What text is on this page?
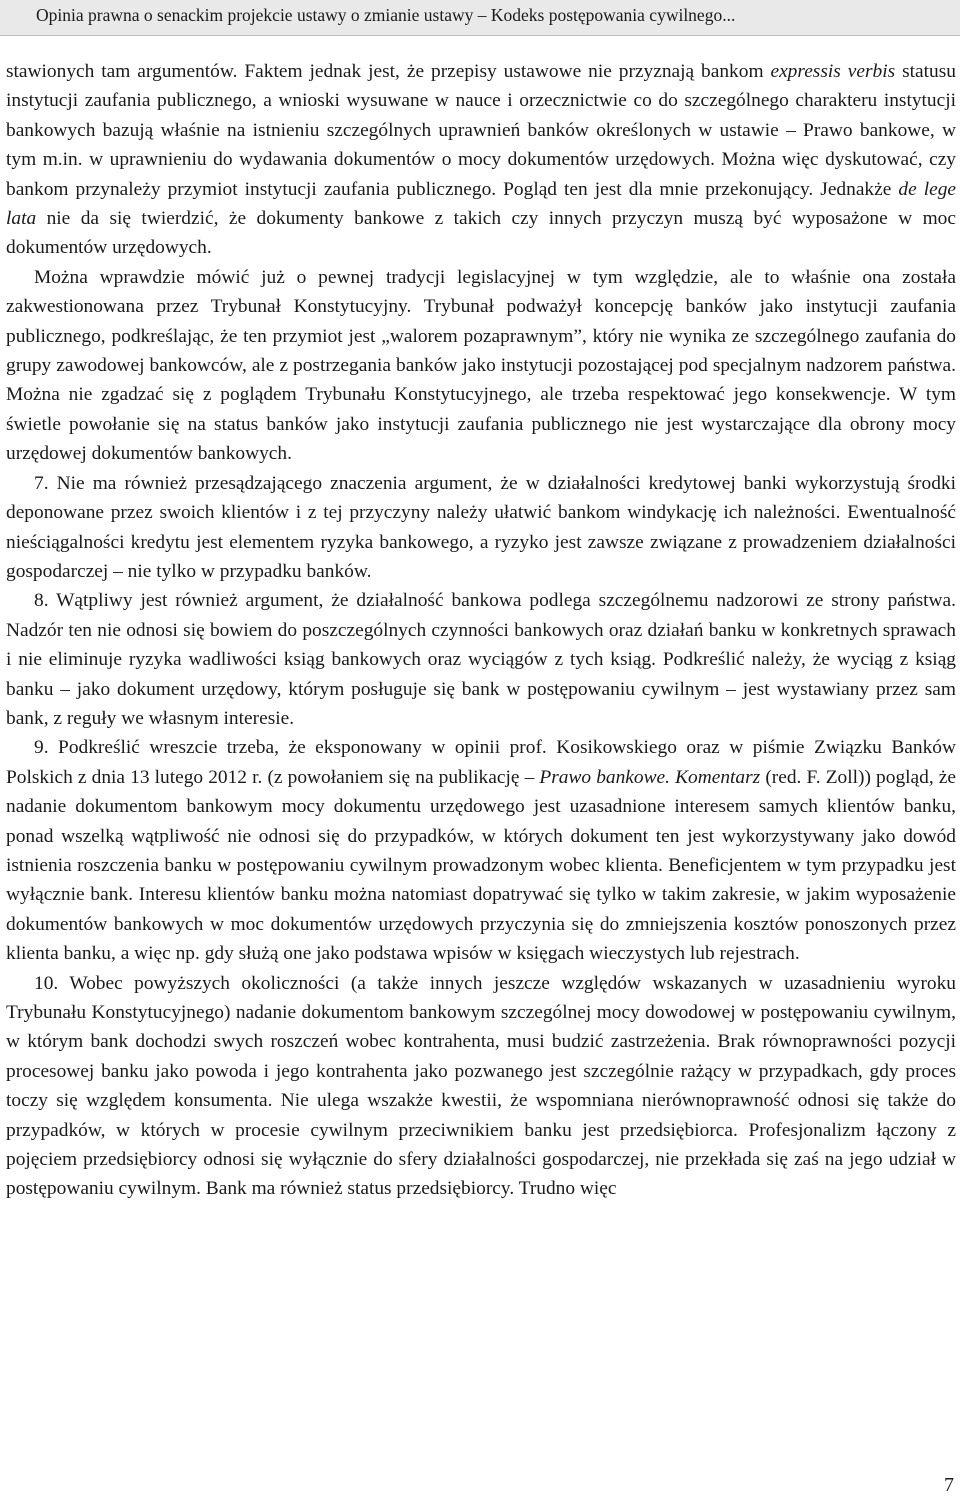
Opinia prawna o senackim projekcie ustawy o zmianie ustawy – Kodeks postępowania cywilnego...

stawionych tam argumentów. Faktem jednak jest, że przepisy ustawowe nie przyznają bankom expressis verbis statusu instytucji zaufania publicznego, a wnioski wysuwane w nauce i orzecznictwie co do szczególnego charakteru instytucji bankowych bazują właśnie na istnieniu szczególnych uprawnień banków określonych w ustawie – Prawo bankowe, w tym m.in. w uprawnieniu do wydawania dokumentów o mocy dokumentów urzędowych. Można więc dyskutować, czy bankom przynależy przymiot instytucji zaufania publicznego. Pogląd ten jest dla mnie przekonujący. Jednakże de lege lata nie da się twierdzić, że dokumenty bankowe z takich czy innych przyczyn muszą być wyposażone w moc dokumentów urzędowych.

Można wprawdzie mówić już o pewnej tradycji legislacyjnej w tym względzie, ale to właśnie ona została zakwestionowana przez Trybunał Konstytucyjny. Trybunał podważył koncepcję banków jako instytucji zaufania publicznego, podkreślając, że ten przymiot jest „walorem pozaprawnym”, który nie wynika ze szczególnego zaufania do grupy zawodowej bankowców, ale z postrzegania banków jako instytucji pozostającej pod specjalnym nadzorem państwa. Można nie zgadzać się z poglądem Trybunału Konstytucyjnego, ale trzeba respektować jego konsekwencje. W tym świetle powołanie się na status banków jako instytucji zaufania publicznego nie jest wystarczające dla obrony mocy urzędowej dokumentów bankowych.

7. Nie ma również przesądzającego znaczenia argument, że w działalności kredytowej banki wykorzystują środki deponowane przez swoich klientów i z tej przyczyny należy ułatwić bankom windykację ich należności. Ewentualność nieściągalności kredytu jest elementem ryzyka bankowego, a ryzyko jest zawsze związane z prowadzeniem działalności gospodarczej – nie tylko w przypadku banków.

8. Wątpliwy jest również argument, że działalność bankowa podlega szczególnemu nadzorowi ze strony państwa. Nadzór ten nie odnosi się bowiem do poszczególnych czynności bankowych oraz działań banku w konkretnych sprawach i nie eliminuje ryzyka wadliwości ksiąg bankowych oraz wyciągów z tych ksiąg. Podkreślić należy, że wyciąg z ksiąg banku – jako dokument urzędowy, którym posługuje się bank w postępowaniu cywilnym – jest wystawiany przez sam bank, z reguły we własnym interesie.

9. Podkreślić wreszcie trzeba, że eksponowany w opinii prof. Kosikowskiego oraz w piśmie Związku Banków Polskich z dnia 13 lutego 2012 r. (z powołaniem się na publikację – Prawo bankowe. Komentarz (red. F. Zoll)) pogląd, że nadanie dokumentom bankowym mocy dokumentu urzędowego jest uzasadnione interesem samych klientów banku, ponad wszelką wątpliwość nie odnosi się do przypadków, w których dokument ten jest wykorzystywany jako dowód istnienia roszczenia banku w postępowaniu cywilnym prowadzonym wobec klienta. Beneficjentem w tym przypadku jest wyłącznie bank. Interesu klientów banku można natomiast dopatrywać się tylko w takim zakresie, w jakim wyposażenie dokumentów bankowych w moc dokumentów urzędowych przyczynia się do zmniejszenia kosztów ponoszonych przez klienta banku, a więc np. gdy służą one jako podstawa wpisów w księgach wieczystych lub rejestrach.

10. Wobec powyższych okoliczności (a także innych jeszcze względów wskazanych w uzasadnieniu wyroku Trybunału Konstytucyjnego) nadanie dokumentom bankowym szczególnej mocy dowodowej w postępowaniu cywilnym, w którym bank dochodzi swych roszczeń wobec kontrahenta, musi budzić zastrzeżenia. Brak równoprawności pozycji procesowej banku jako powoda i jego kontrahenta jako pozwanego jest szczególnie rażący w przypadkach, gdy proces toczy się względem konsumenta. Nie ulega wszakże kwestii, że wspomniana nierównoprawność odnosi się także do przypadków, w których w procesie cywilnym przeciwnikiem banku jest przedsiębiorca. Profesjonalizm łączony z pojęciem przedsiębiorcy odnosi się wyłącznie do sfery działalności gospodarczej, nie przekłada się zaś na jego udział w postępowaniu cywilnym. Bank ma również status przedsiębiorcy. Trudno więc

7
